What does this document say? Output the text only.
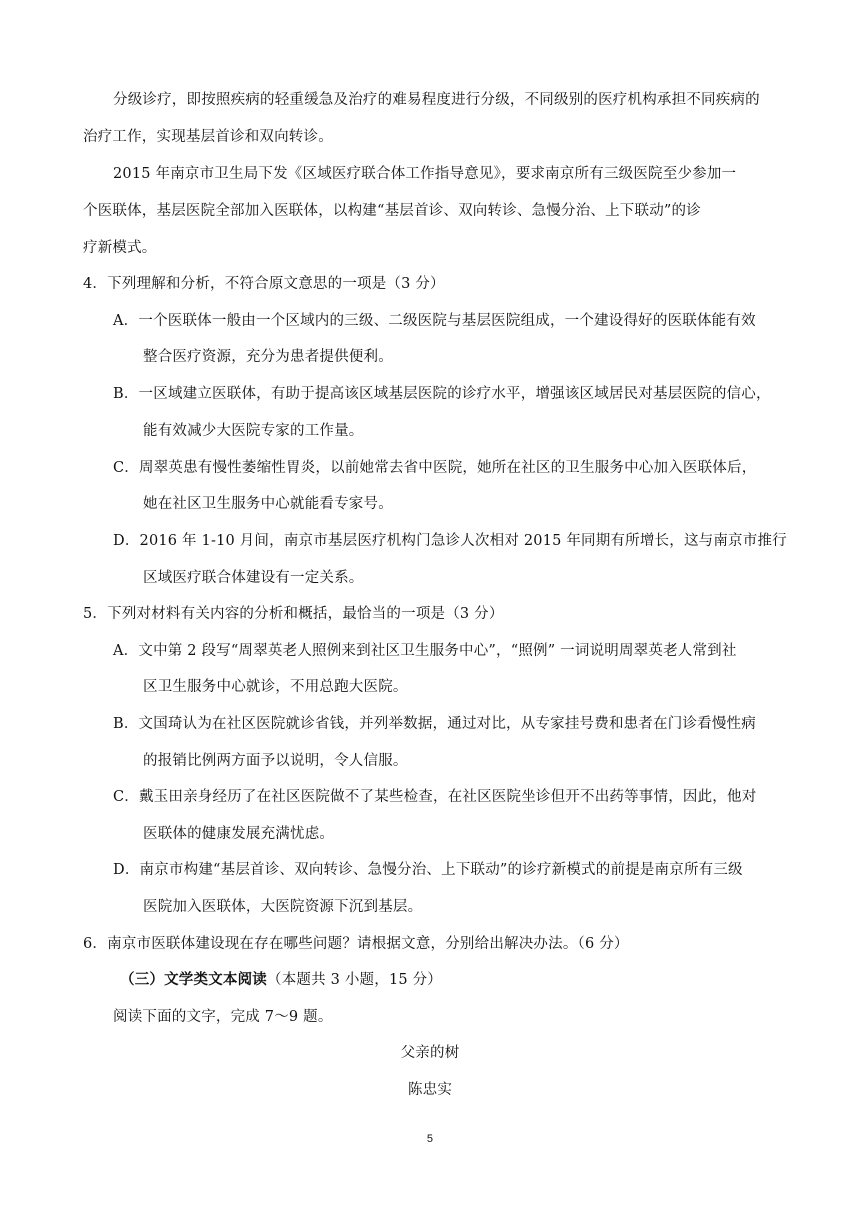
分级诊疗，即按照疾病的轻重缓急及治疗的难易程度进行分级，不同级别的医疗机构承担不同疾病的
治疗工作，实现基层首诊和双向转诊。
2015 年南京市卫生局下发《区域医疗联合体工作指导意见》，要求南京所有三级医院至少参加一
个医联体，基层医院全部加入医联体，以构建“基层首诊、双向转诊、急慢分治、上下联动”的诊
疗新模式。
4．下列理解和分析，不符合原文意思的一项是（3 分）
A．一个医联体一般由一个区域内的三级、二级医院与基层医院组成，一个建设得好的医联体能有效
整合医疗资源，充分为患者提供便利。
B．一区域建立医联体，有助于提高该区域基层医院的诊疗水平，增强该区域居民对基层医院的信心，
能有效减少大医院专家的工作量。
C．周翠英患有慢性萎缩性胃炎，以前她常去省中医院，她所在社区的卫生服务中心加入医联体后，
她在社区卫生服务中心就能看专家号。
D．2016 年 1-10 月间，南京市基层医疗机构门急诊人次相对 2015 年同期有所增长，这与南京市推行
区域医疗联合体建设有一定关系。
5．下列对材料有关内容的分析和概括，最恰当的一项是（3 分）
A．文中第 2 段写“周翠英老人照例来到社区卫生服务中心”，“照例” 一词说明周翠英老人常到社
区卫生服务中心就诊，不用总跑大医院。
B．文国琦认为在社区医院就诊省钱，并列举数据，通过对比，从专家挂号费和患者在门诊看慢性病
的报销比例两方面予以说明，令人信服。
C．戴玉田亲身经历了在社区医院做不了某些检查，在社区医院坐诊但开不出药等事情，因此，他对
医联体的健康发展充满忧虑。
D．南京市构建“基层首诊、双向转诊、急慢分治、上下联动”的诊疗新模式的前提是南京所有三级
医院加入医联体，大医院资源下沉到基层。
6．南京市医联体建设现在存在哪些问题？请根据文意，分别给出解决办法。（6 分）
（三）文学类文本阅读（本题共 3 小题，15 分）
阅读下面的文字，完成 7～9 题。
父亲的树
陈忠实
5
